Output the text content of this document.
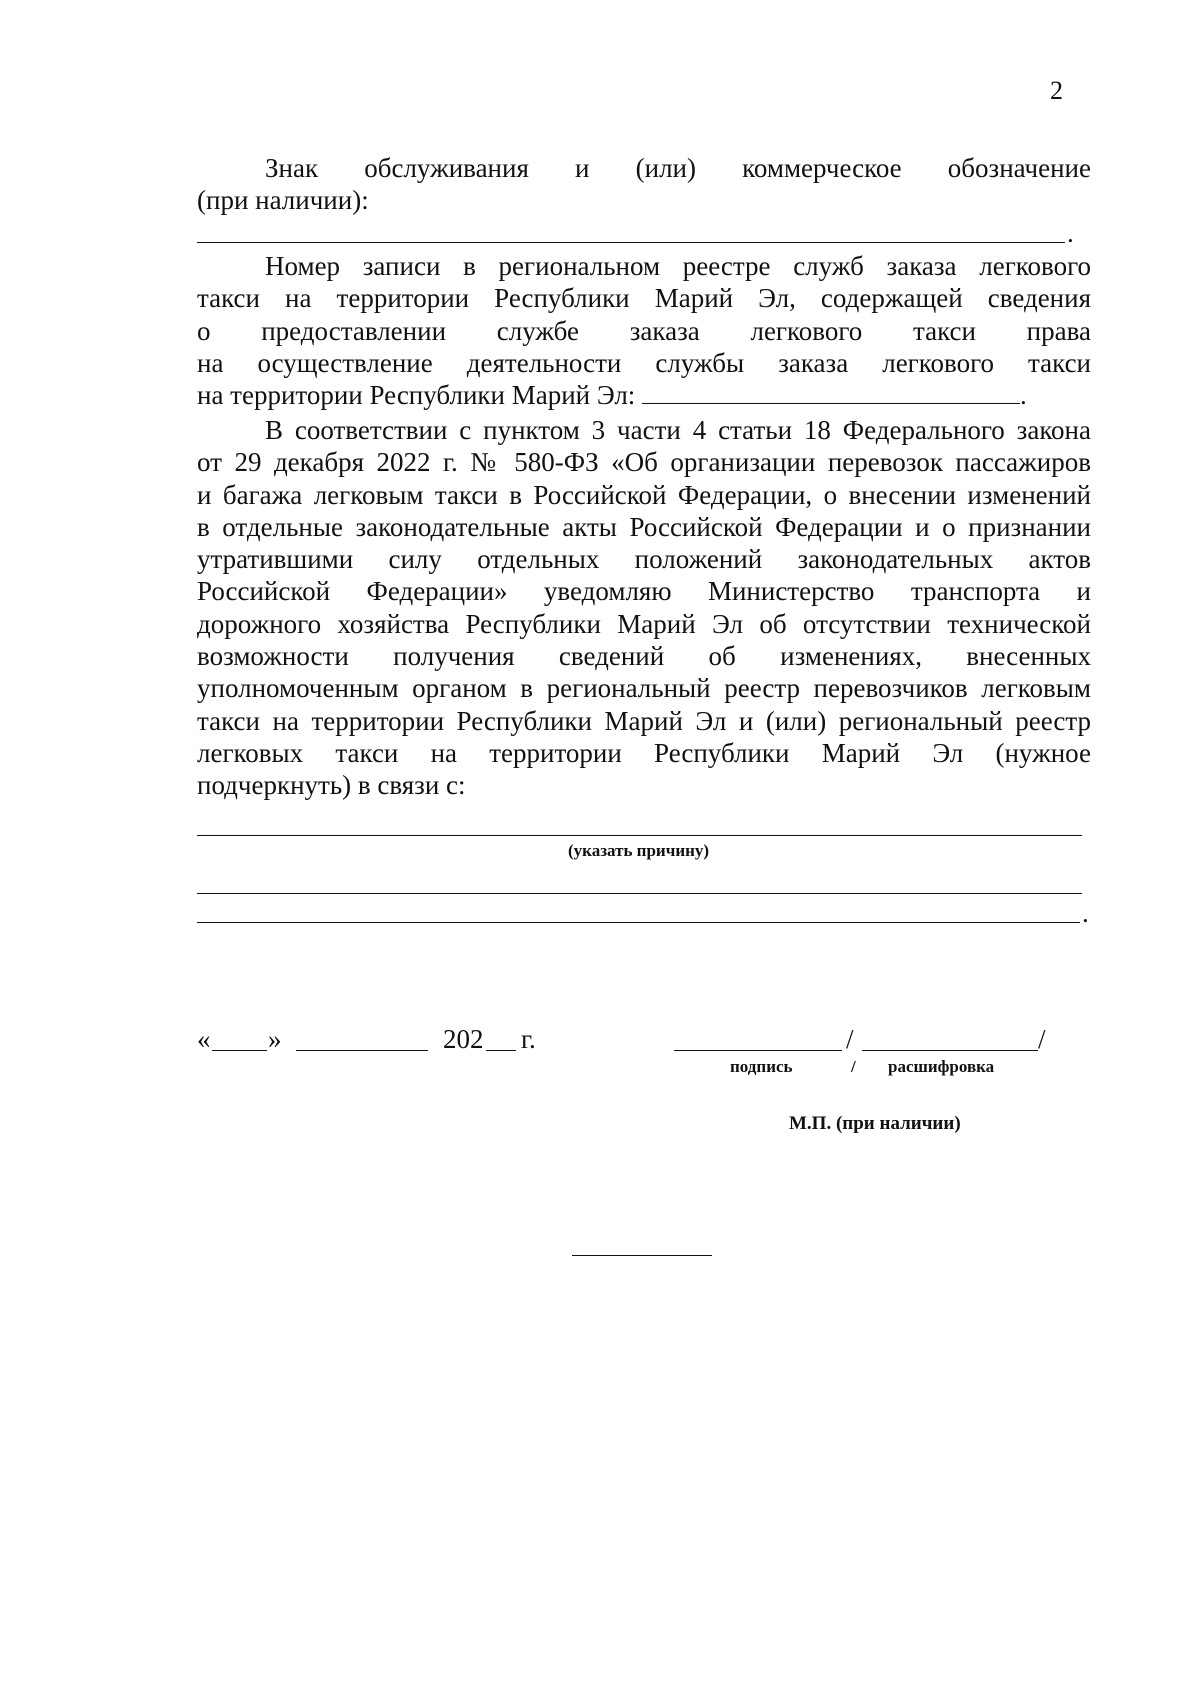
2
Знак обслуживания и (или) коммерческое обозначение
(при наличии):
.
Номер записи в региональном реестре служб заказа легкового
такси на территории Республики Марий Эл, содержащей сведения
о предоставлении службе заказа легкового такси права
на осуществление деятельности службы заказа легкового такси
на территории Республики Марий Эл:	.
В соответствии с пунктом 3 части 4 статьи 18 Федерального закона
от 29 декабря 2022 г. № 580-ФЗ «Об организации перевозок пассажиров
и багажа легковым такси в Российской Федерации, о внесении изменений
в отдельные законодательные акты Российской Федерации и о признании
утратившими силу отдельных положений законодательных актов
Российской Федерации» уведомляю Министерство транспорта и
дорожного хозяйства Республики Марий Эл об отсутствии технической
возможности получения сведений об изменениях, внесенных
уполномоченным органом в региональный реестр перевозчиков легковым
такси на территории Республики Марий Эл и (или) региональный реестр
легковых такси на территории Республики Марий Эл (нужное
подчеркнуть) в связи с:
(указать причину)
.
« »	202 г.	/	/
подпись	/ расшифровка
М.П. (при наличии)
